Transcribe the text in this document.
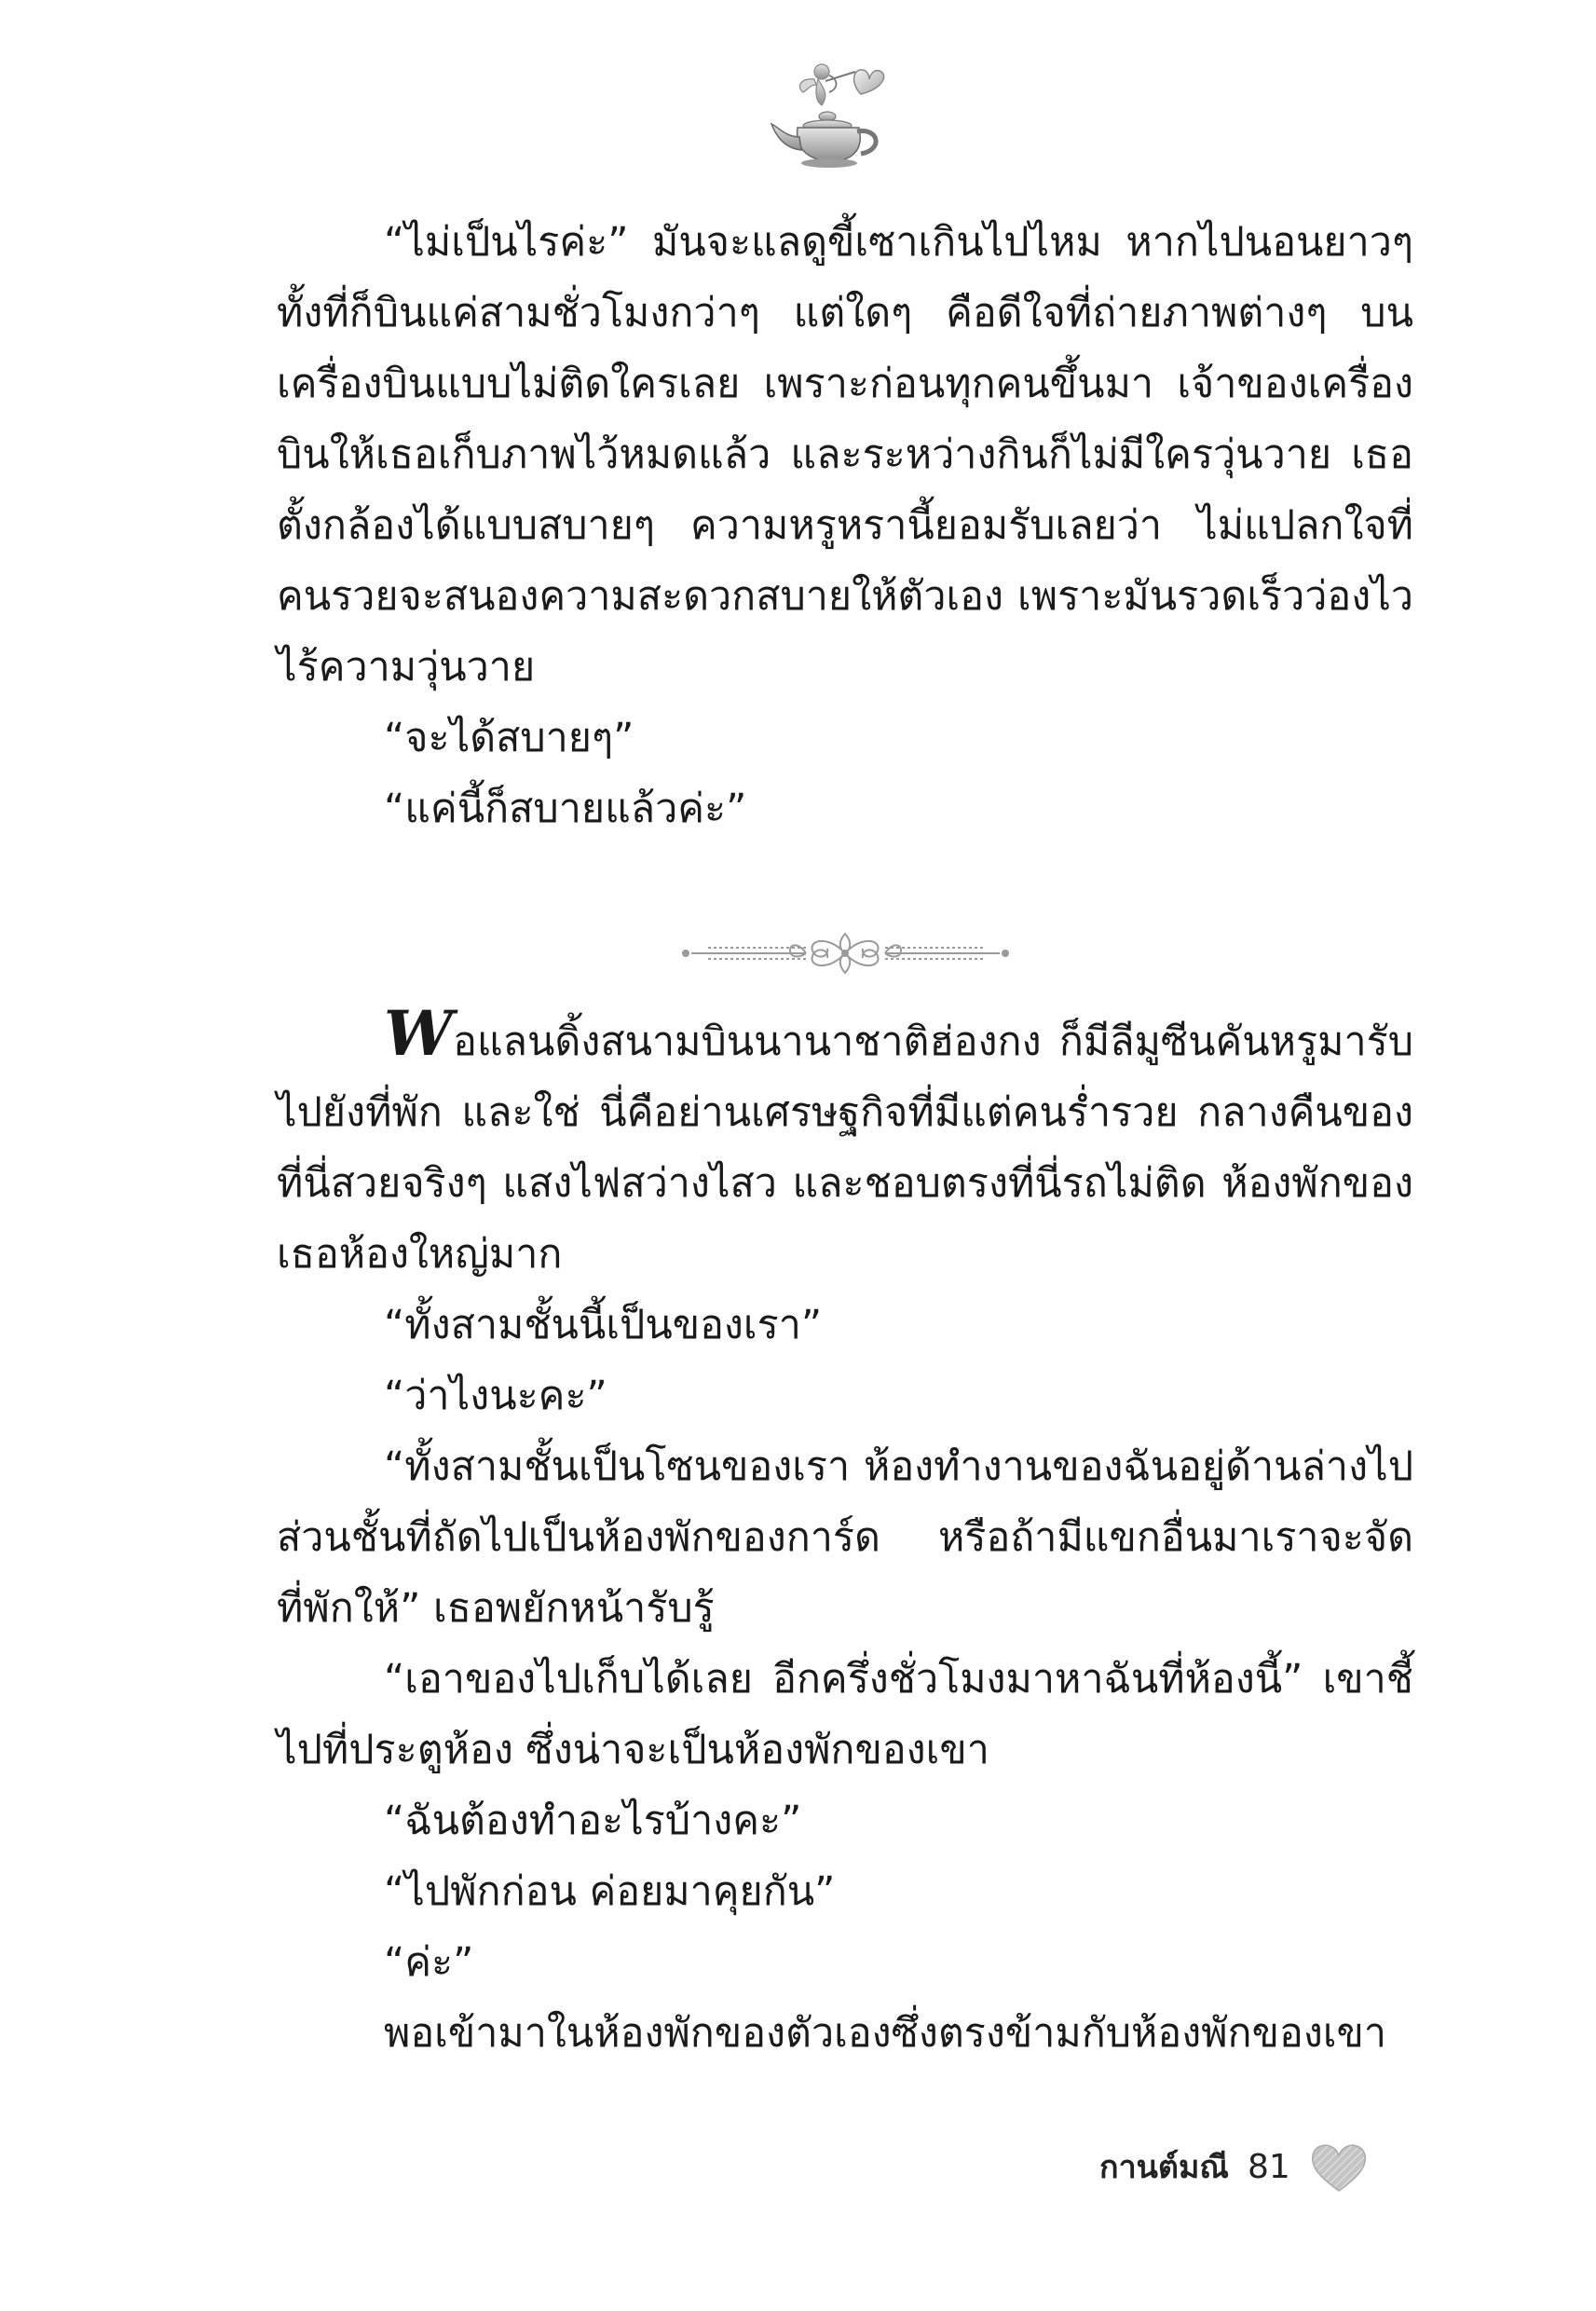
“ไม่เป็นไรค่ะ” มันจะแลดูขี้เซาเกินไปไหม หากไปนอนยาวๆ ทั้งที่ก็บินแค่สามชั่วโมงกว่าๆ แต่ใดๆ คือดีใจที่ถ่ายภาพต่างๆ บนเครื่องบินแบบไม่ติดใครเลย เพราะก่อนทุกคนขึ้นมา เจ้าของเครื่องบินให้เธอเก็บภาพไว้หมดแล้ว และระหว่างกินก็ไม่มีใครวุ่นวาย เธอตั้งกล้องได้แบบสบายๆ ความหรูหรานี้ยอมรับเลยว่า ไม่แปลกใจที่คนรวยจะสนองความสะดวกสบายให้ตัวเอง เพราะมันรวดเร็วว่องไวไร้ความวุ่นวาย

“จะได้สบายๆ”

“แค่นี้ก็สบายแล้วค่ะ”

Wอแลนดิ้งสนามบินนานาชาติฮ่องกง ก็มีลีมูซีนคันหรูมารับไปยังที่พัก และใช่ นี่คือย่านเศรษฐกิจที่มีแต่คนร่ำรวย กลางคืนของที่นี่สวยจริงๆ แสงไฟสว่างไสว และชอบตรงที่นี่รถไม่ติด ห้องพักของเธอห้องใหญ่มาก

“ทั้งสามชั้นนี้เป็นของเรา”

“ว่าไงนะคะ”

“ทั้งสามชั้นเป็นโซนของเรา ห้องทำงานของฉันอยู่ด้านล่างไปส่วนชั้นที่ถัดไปเป็นห้องพักของการ์ด หรือถ้ามีแขกอื่นมาเราจะจัดที่พักให้” เธอพยักหน้ารับรู้

“เอาของไปเก็บได้เลย อีกครึ่งชั่วโมงมาหาฉันที่ห้องนี้” เขาชี้ไปที่ประตูห้อง ซึ่งน่าจะเป็นห้องพักของเขา

“ฉันต้องทำอะไรบ้างคะ”

“ไปพักก่อน ค่อยมาคุยกัน”

“ค่ะ”

พอเข้ามาในห้องพักของตัวเองซึ่งตรงข้ามกับห้องพักของเขา

กานต์มณี 81
